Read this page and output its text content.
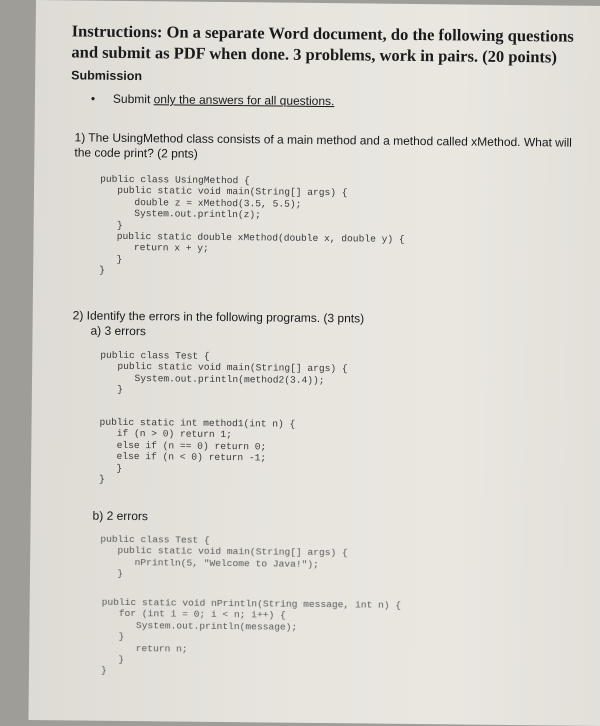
Instructions: On a separate Word document, do the following questions and submit as PDF when done. 3 problems, work in pairs. (20 points)
Submission
• Submit only the answers for all questions.
1) The UsingMethod class consists of a main method and a method called xMethod. What will the code print? (2 pnts)
public class UsingMethod {
public static void main(String[] args) {
double z = xMethod(3.5, 5.5);
System.out.println(z);
}
public static double xMethod(double x, double y) {
return x + y;
}
}
2) Identify the errors in the following programs. (3 pnts)
a) 3 errors
public class Test {
public static void main(String[] args) {
System.out.println(method2(3.4));
}
public static int method1(int n) {
if (n > 0) return 1;
else if (n == 0) return 0;
else if (n < 0) return -1;
}
}
b) 2 errors
public class Test {
public static void main(String[] args) {
nPrintln(5, "Welcome to Java!");
}
public static void nPrintln(String message, int n) {
for (int i = 0; i < n; i++) {
System.out.println(message);
}
return n;
}
}
